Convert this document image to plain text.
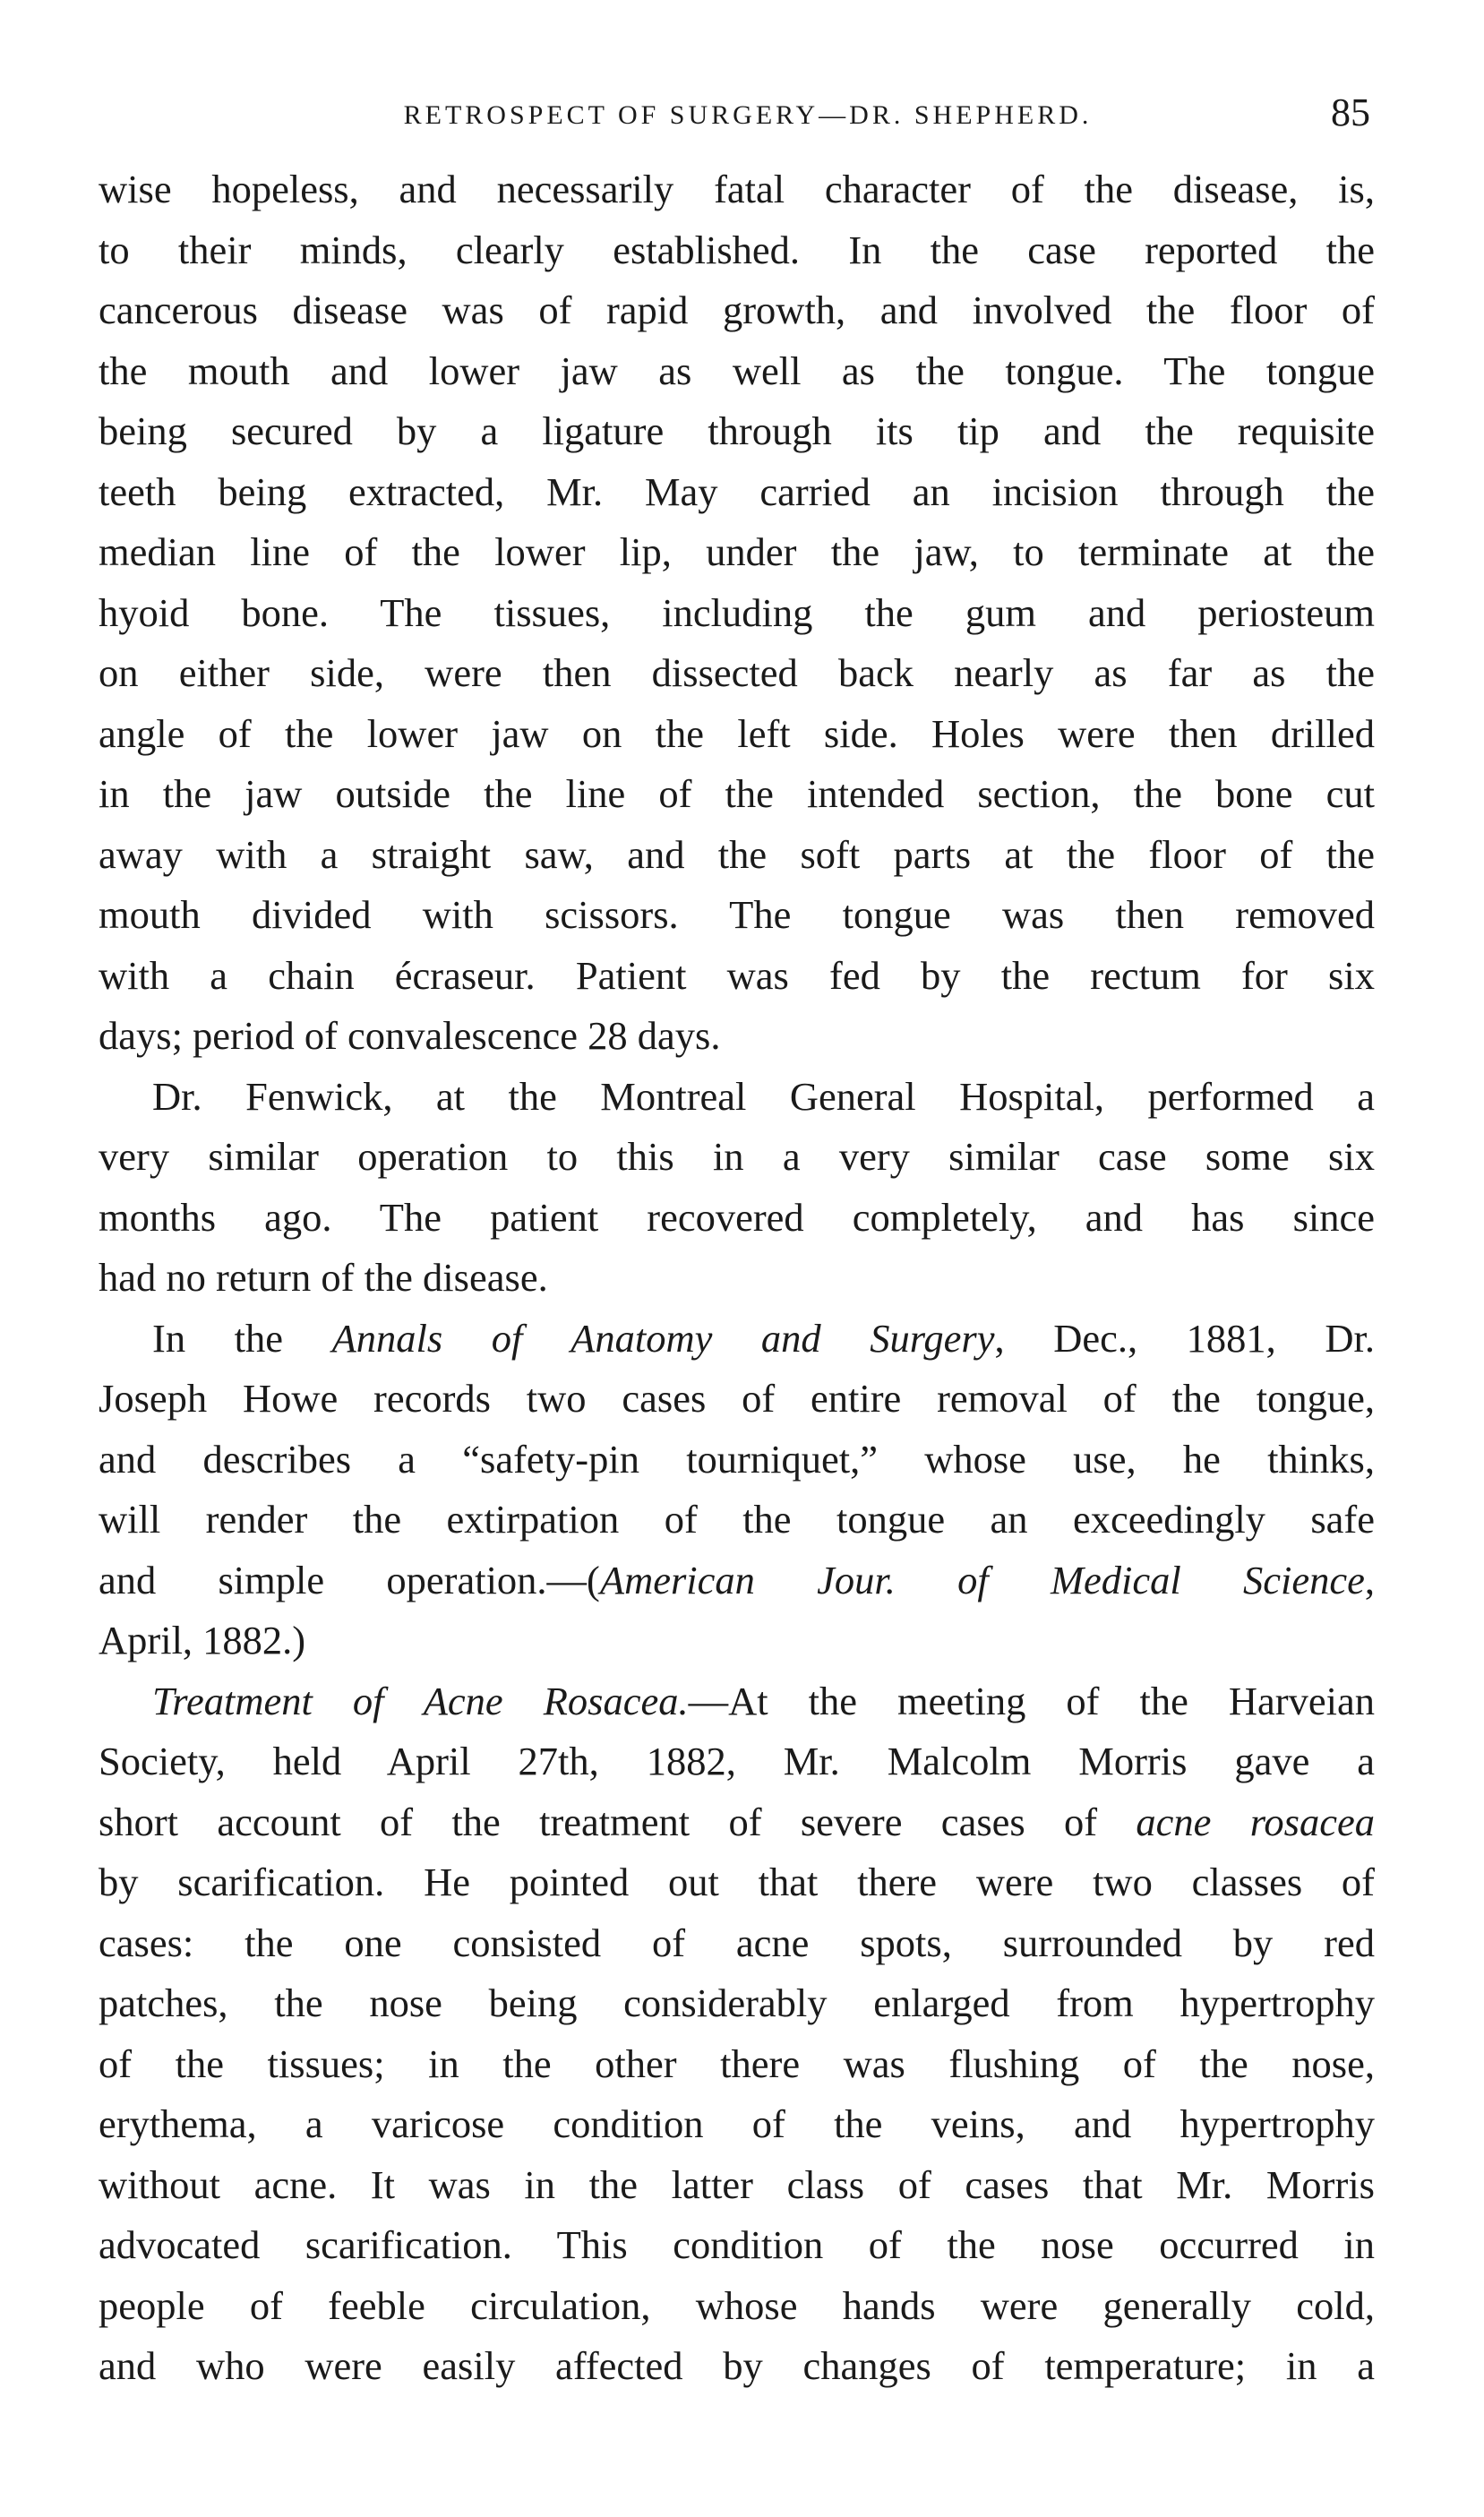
RETROSPECT OF SURGERY—DR. SHEPHERD.	85
wise hopeless, and necessarily fatal character of the disease, is,
to their minds, clearly established. In the case reported the
cancerous disease was of rapid growth, and involved the floor of
the mouth and lower jaw as well as the tongue. The tongue
being secured by a ligature through its tip and the requisite
teeth being extracted, Mr. May carried an incision through the
median line of the lower lip, under the jaw, to terminate at the
hyoid bone. The tissues, including the gum and periosteum
on either side, were then dissected back nearly as far as the
angle of the lower jaw on the left side. Holes were then drilled
in the jaw outside the line of the intended section, the bone cut
away with a straight saw, and the soft parts at the floor of the
mouth divided with scissors. The tongue was then removed
with a chain écraseur. Patient was fed by the rectum for six
days; period of convalescence 28 days.
Dr. Fenwick, at the Montreal General Hospital, performed a
very similar operation to this in a very similar case some six
months ago. The patient recovered completely, and has since
had no return of the disease.
In the Annals of Anatomy and Surgery, Dec., 1881, Dr.
Joseph Howe records two cases of entire removal of the tongue,
and describes a “safety-pin tourniquet,” whose use, he thinks,
will render the extirpation of the tongue an exceedingly safe
and simple operation.—(American Jour. of Medical Science,
April, 1882.)
Treatment of Acne Rosacea.—At the meeting of the Harveian
Society, held April 27th, 1882, Mr. Malcolm Morris gave a
short account of the treatment of severe cases of acne rosacea
by scarification. He pointed out that there were two classes of
cases: the one consisted of acne spots, surrounded by red
patches, the nose being considerably enlarged from hypertrophy
of the tissues; in the other there was flushing of the nose,
erythema, a varicose condition of the veins, and hypertrophy
without acne. It was in the latter class of cases that Mr. Morris
advocated scarification. This condition of the nose occurred in
people of feeble circulation, whose hands were generally cold,
and who were easily affected by changes of temperature; in a
